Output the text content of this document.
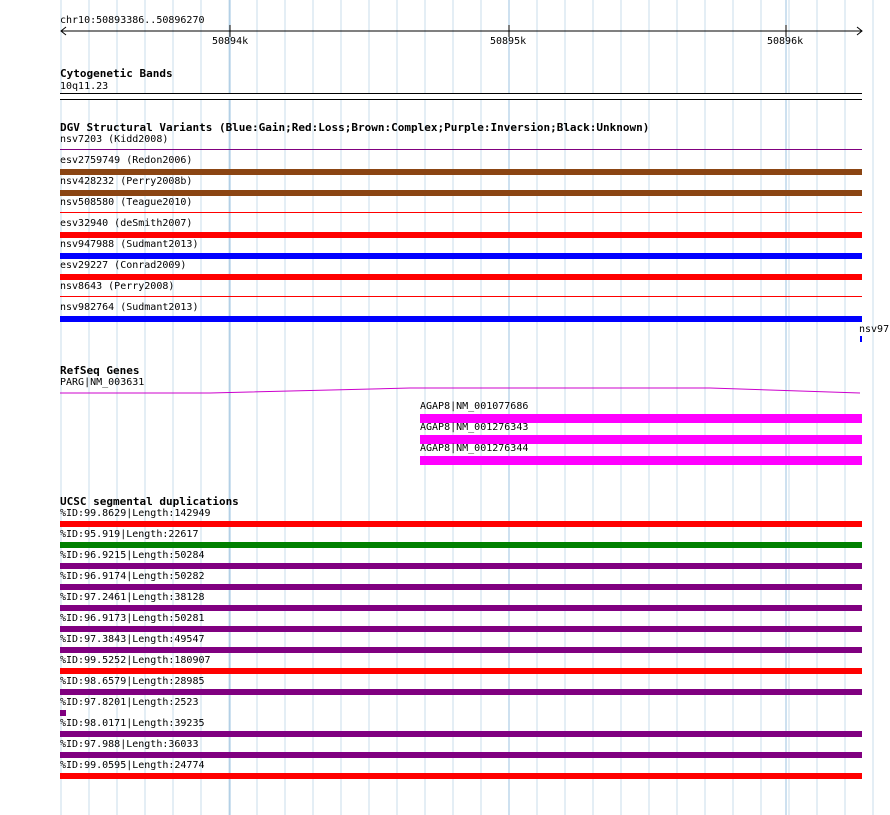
chr10:50893386..50896270
50894k	50895k	50896k
Cytogenetic Bands
10q11.23
DGV Structural Variants (Blue:Gain;Red:Loss;Brown:Complex;Purple:Inversion;Black:Unknown)
nsv7203 (Kidd2008)
esv2759749 (Redon2006)
nsv428232 (Perry2008b)
nsv508580 (Teague2010)
esv32940 (deSmith2007)
nsv947988 (Sudmant2013)
esv29227 (Conrad2009)
nsv8643 (Perry2008)
nsv982764 (Sudmant2013)
nsv97
RefSeq Genes
PARG|NM_003631
AGAP8|NM_001077686
AGAP8|NM_001276343
AGAP8|NM_001276344
UCSC segmental duplications
%ID:99.8629|Length:142949
%ID:95.919|Length:22617
%ID:96.9215|Length:50284
%ID:96.9174|Length:50282
%ID:97.2461|Length:38128
%ID:96.9173|Length:50281
%ID:97.3843|Length:49547
%ID:99.5252|Length:180907
%ID:98.6579|Length:28985
%ID:97.8201|Length:2523
%ID:98.0171|Length:39235
%ID:97.988|Length:36033
%ID:99.0595|Length:24774
